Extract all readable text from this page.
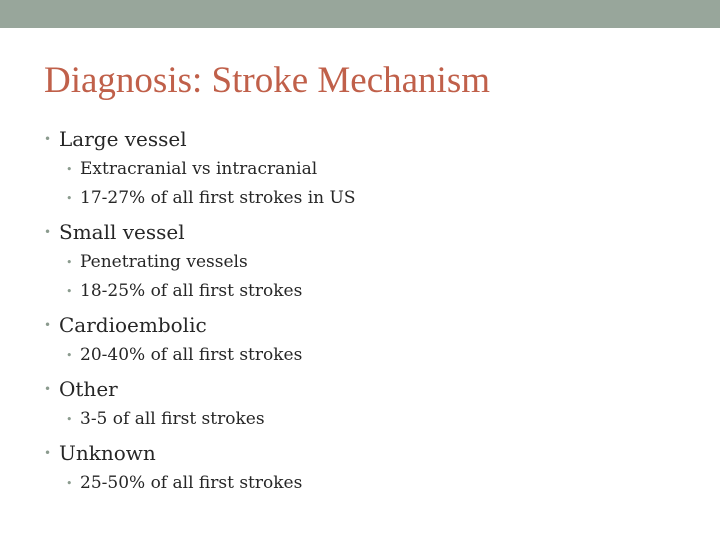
Diagnosis: Stroke Mechanism
• Large vessel
• Extracranial vs intracranial
• 17-27% of all first strokes in US
• Small vessel
• Penetrating vessels
• 18-25% of all first strokes
• Cardioembolic
• 20-40% of all first strokes
• Other
• 3-5 of all first strokes
• Unknown
• 25-50% of all first strokes
